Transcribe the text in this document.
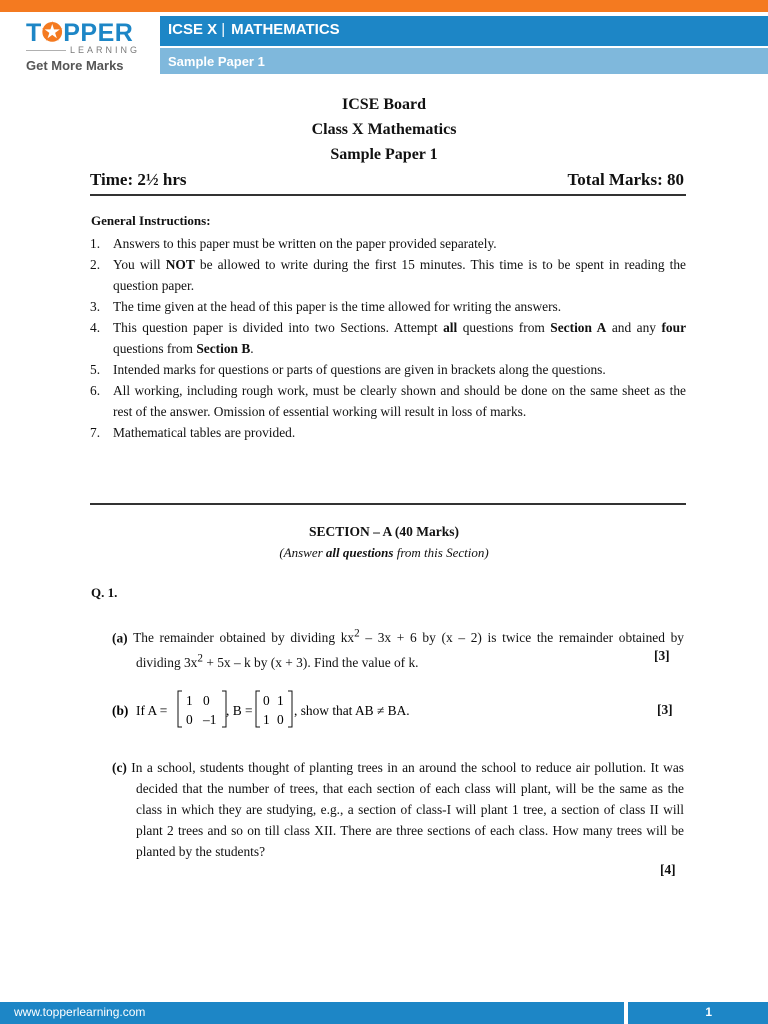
T✪PPER
LEARNING
Get More Marks
ICSE X | MATHEMATICS
Sample Paper 1
ICSE Board
Class X Mathematics
Sample Paper 1
Time: 2½ hrs	Total Marks: 80
General Instructions:
1. Answers to this paper must be written on the paper provided separately.
2. You will NOT be allowed to write during the first 15 minutes. This time is to be spent in reading the question paper.
3. The time given at the head of this paper is the time allowed for writing the answers.
4. This question paper is divided into two Sections. Attempt all questions from Section A and any four questions from Section B.
5. Intended marks for questions or parts of questions are given in brackets along the questions.
6. All working, including rough work, must be clearly shown and should be done on the same sheet as the rest of the answer. Omission of essential working will result in loss of marks.
7. Mathematical tables are provided.
SECTION – A (40 Marks)
(Answer all questions from this Section)
Q. 1.
(a) The remainder obtained by dividing $kx^2 - 3x + 6$ by (x – 2) is twice the remainder obtained by dividing $3x^2 + 5x - k$ by (x + 3). Find the value of k.	[3]
(b) If A =
1 0
0 –1
, B =
0 1
1 0
, show that AB ≠ BA.	[3]
(c) In a school, students thought of planting trees in an around the school to reduce air pollution. It was decided that the number of trees, that each section of each class will plant, will be the same as the class in which they are studying, e.g., a section of class-I will plant 1 tree, a section of class II will plant 2 trees and so on till class XII. There are three sections of each class. How many trees will be planted by the students?
[4]
www.topperlearning.com	1
